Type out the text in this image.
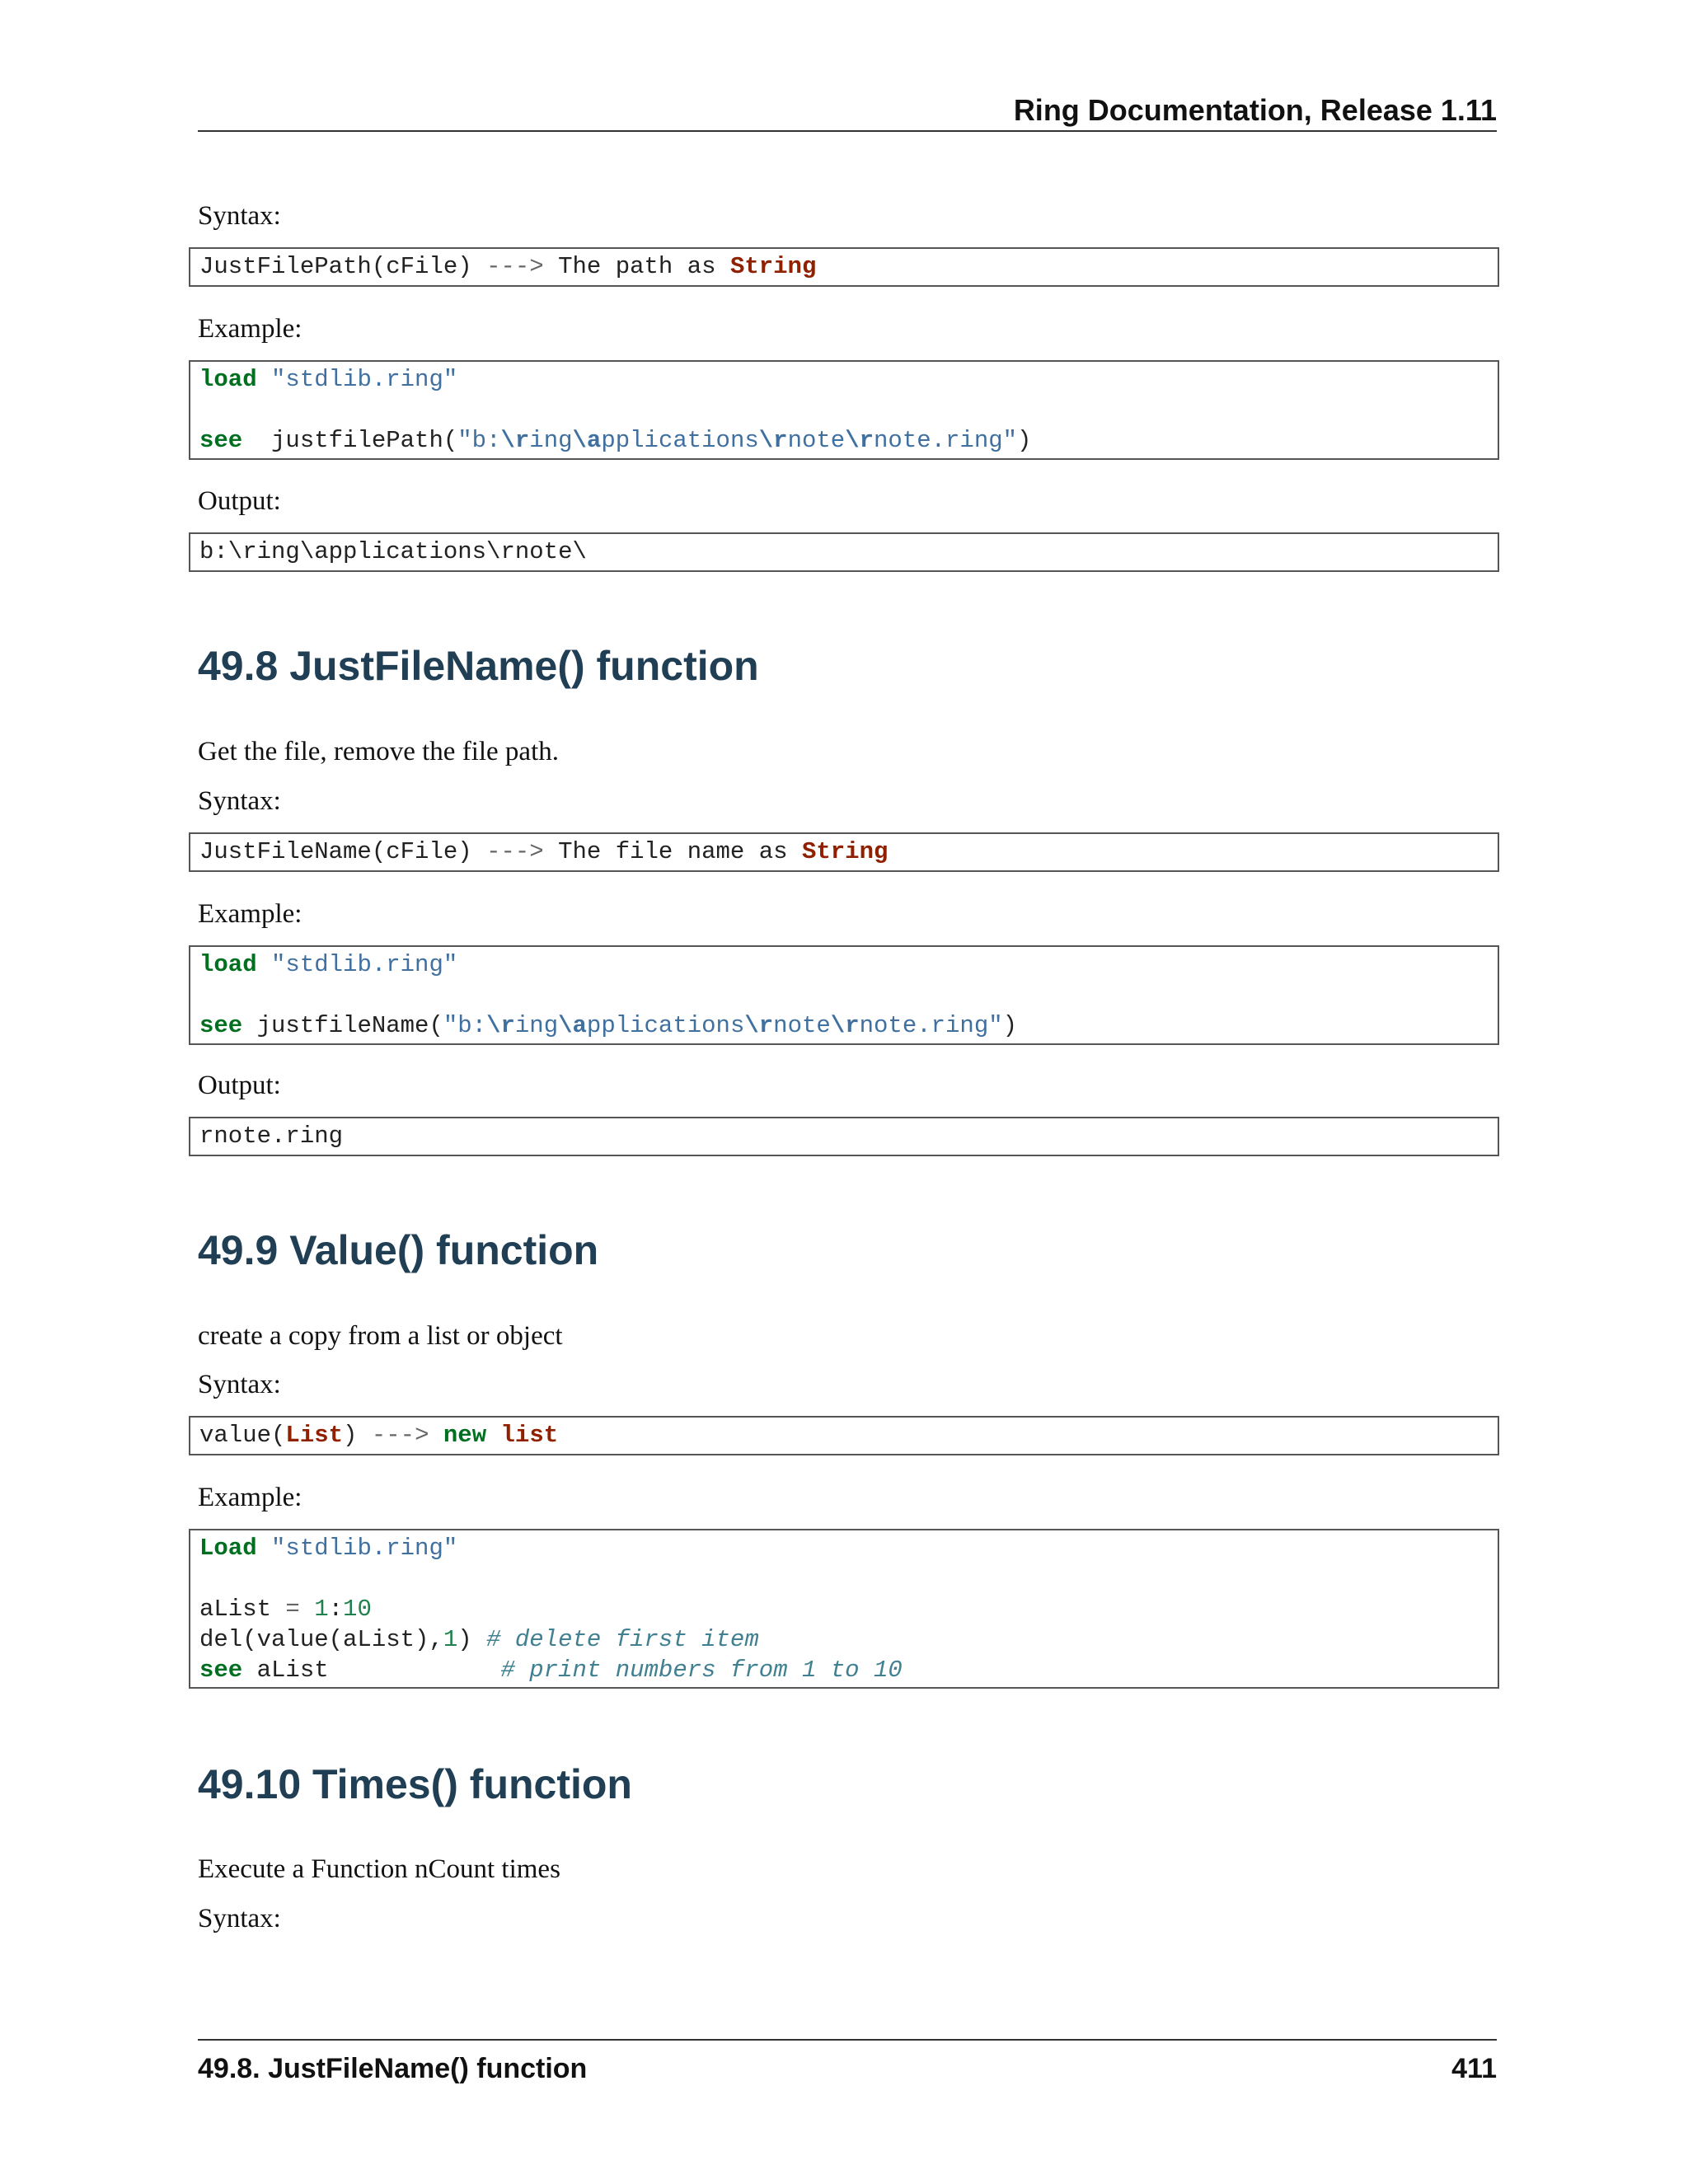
Ring Documentation, Release 1.11
Syntax:
JustFilePath(cFile) ---> The path as String
Example:
load "stdlib.ring"
see  justfilePath("b:\ring\applications\rnote\rnote.ring")
Output:
b:\ring\applications\rnote\
49.8 JustFileName() function
Get the file, remove the file path.
Syntax:
JustFileName(cFile) ---> The file name as String
Example:
load "stdlib.ring"
see justfileName("b:\ring\applications\rnote\rnote.ring")
Output:
rnote.ring
49.9 Value() function
create a copy from a list or object
Syntax:
value(List) ---> new list
Example:
Load "stdlib.ring"
aList = 1:10
del(value(aList),1) # delete first item
see aList            # print numbers from 1 to 10
49.10 Times() function
Execute a Function nCount times
Syntax:
49.8. JustFileName() function	411
